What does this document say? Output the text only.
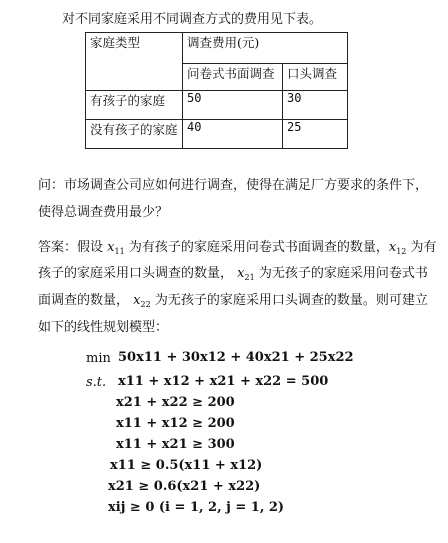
对不同家庭采用不同调查方式的费用见下表。
家庭类型	调查费用(元)	
	问卷式书面调查	口头调查
有孩子的家庭	50	30
没有孩子的家庭	40	25
问：市场调查公司应如何进行调查，使得在满足厂方要求的条件下，
使得总调查费用最少？
答案：假设 $x_{11}$ 为有孩子的家庭采用问卷式书面调查的数量，$x_{12}$ 为有
孩子的家庭采用口头调查的数量， $x_{21}$ 为无孩子的家庭采用问卷式书
面调查的数量， $x_{22}$ 为无孩子的家庭采用口头调查的数量。则可建立
如下的线性规划模型：
min 50x11 + 30x12 + 40x21 + 25x22
s.t. x11 + x12 + x21 + x22 = 500
x21 + x22 ≥ 200
x11 + x12 ≥ 200
x11 + x21 ≥ 300
x11 ≥ 0.5(x11 + x12)
x21 ≥ 0.6(x21 + x22)
xij ≥ 0 (i = 1, 2, j = 1, 2)
